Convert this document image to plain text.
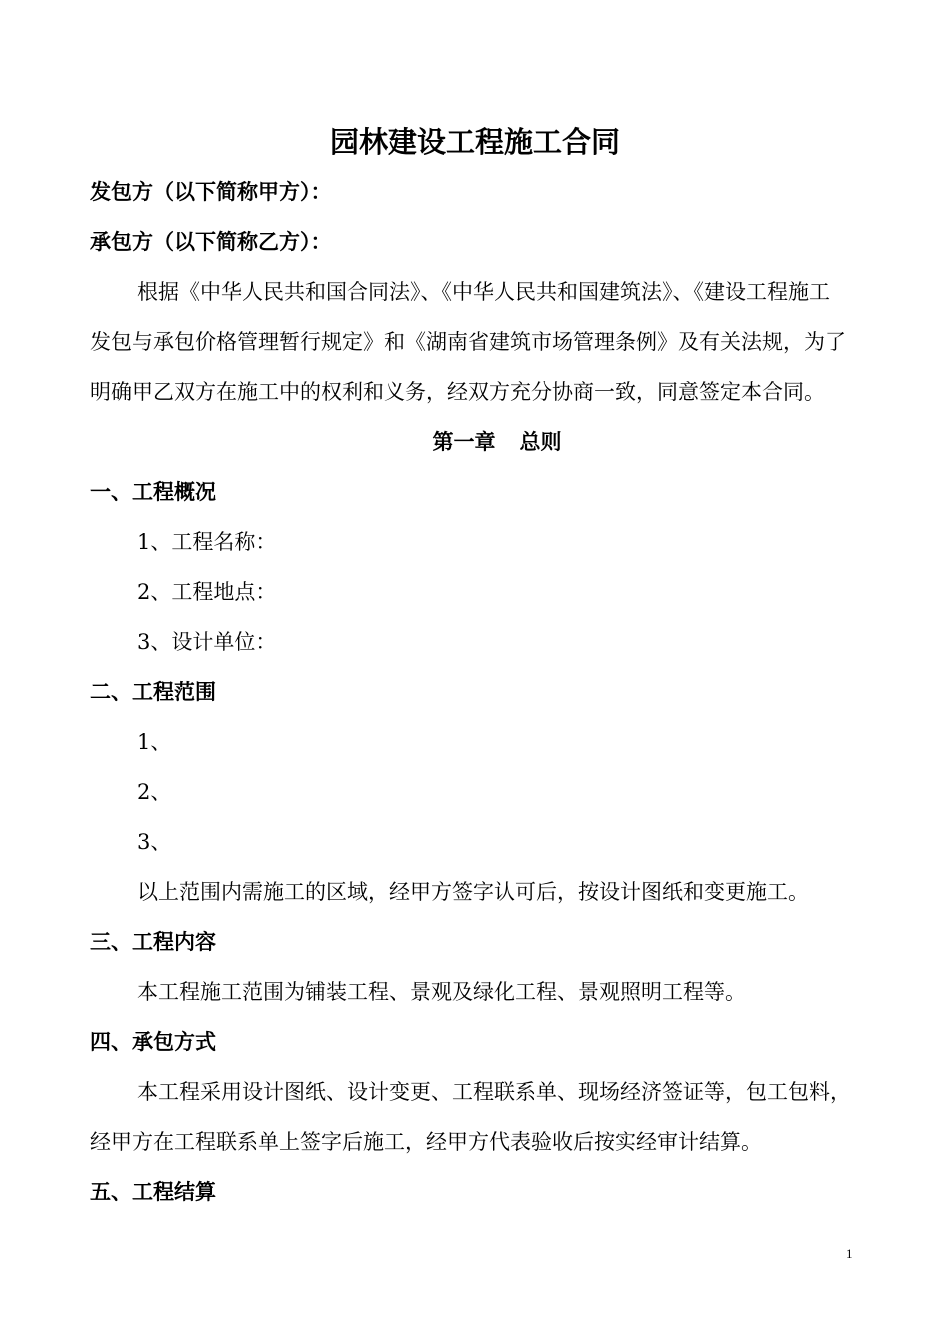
园林建设工程施工合同
发包方（以下简称甲方）：
承包方（以下简称乙方）：
根据《中华人民共和国合同法》、《中华人民共和国建筑法》、《建设工程施工
发包与承包价格管理暂行规定》和《湖南省建筑市场管理条例》及有关法规，为了
明确甲乙双方在施工中的权利和义务，经双方充分协商一致，同意签定本合同。
第一章 总则
一、工程概况
1、工程名称：
2、工程地点：
3、设计单位：
二、工程范围
1、
2、
3、
以上范围内需施工的区域，经甲方签字认可后，按设计图纸和变更施工。
三、工程内容
本工程施工范围为铺装工程、景观及绿化工程、景观照明工程等。
四、承包方式
本工程采用设计图纸、设计变更、工程联系单、现场经济签证等，包工包料，
经甲方在工程联系单上签字后施工，经甲方代表验收后按实经审计结算。
五、工程结算
1
